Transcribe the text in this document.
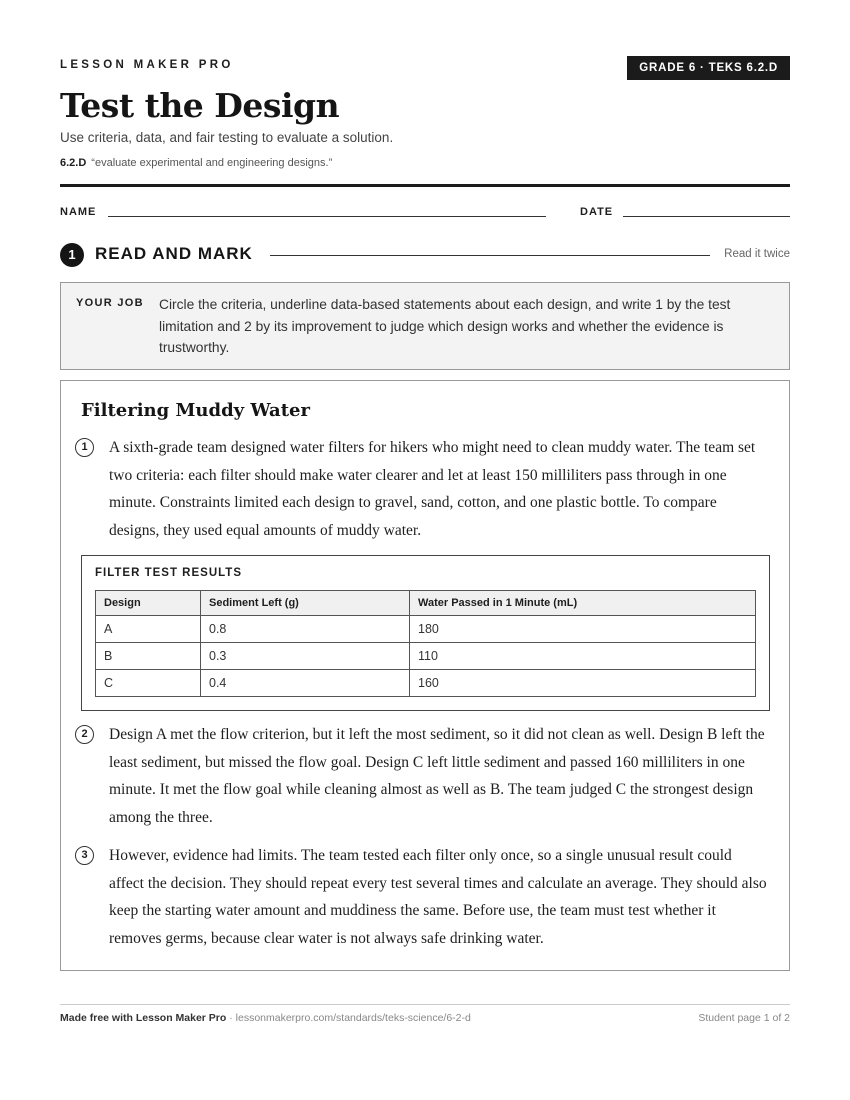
LESSON MAKER PRO	GRADE 6 · TEKS 6.2.D
Test the Design
Use criteria, data, and fair testing to evaluate a solution.
6.2.D “evaluate experimental and engineering designs.”
NAME	DATE
1	READ AND MARK	Read it twice
YOUR JOB Circle the criteria, underline data-based statements about each design, and write 1 by the test limitation and 2 by its improvement to judge which design works and whether the evidence is trustworthy.
Filtering Muddy Water
1	A sixth-grade team designed water filters for hikers who might need to clean muddy water. The team set two criteria: each filter should make water clearer and let at least 150 milliliters pass through in one minute. Constraints limited each design to gravel, sand, cotton, and one plastic bottle. To compare designs, they used equal amounts of muddy water.
FILTER TEST RESULTS
Design	Sediment Left (g)	Water Passed in 1 Minute (mL)
A	0.8	180
B	0.3	110
C	0.4	160
2	Design A met the flow criterion, but it left the most sediment, so it did not clean as well. Design B left the least sediment, but missed the flow goal. Design C left little sediment and passed 160 milliliters in one minute. It met the flow goal while cleaning almost as well as B. The team judged C the strongest design among the three.
3	However, evidence had limits. The team tested each filter only once, so a single unusual result could affect the decision. They should repeat every test several times and calculate an average. They should also keep the starting water amount and muddiness the same. Before use, the team must test whether it removes germs, because clear water is not always safe drinking water.
Made free with Lesson Maker Pro · lessonmakerpro.com/standards/teks-science/6-2-d	Student page 1 of 2
